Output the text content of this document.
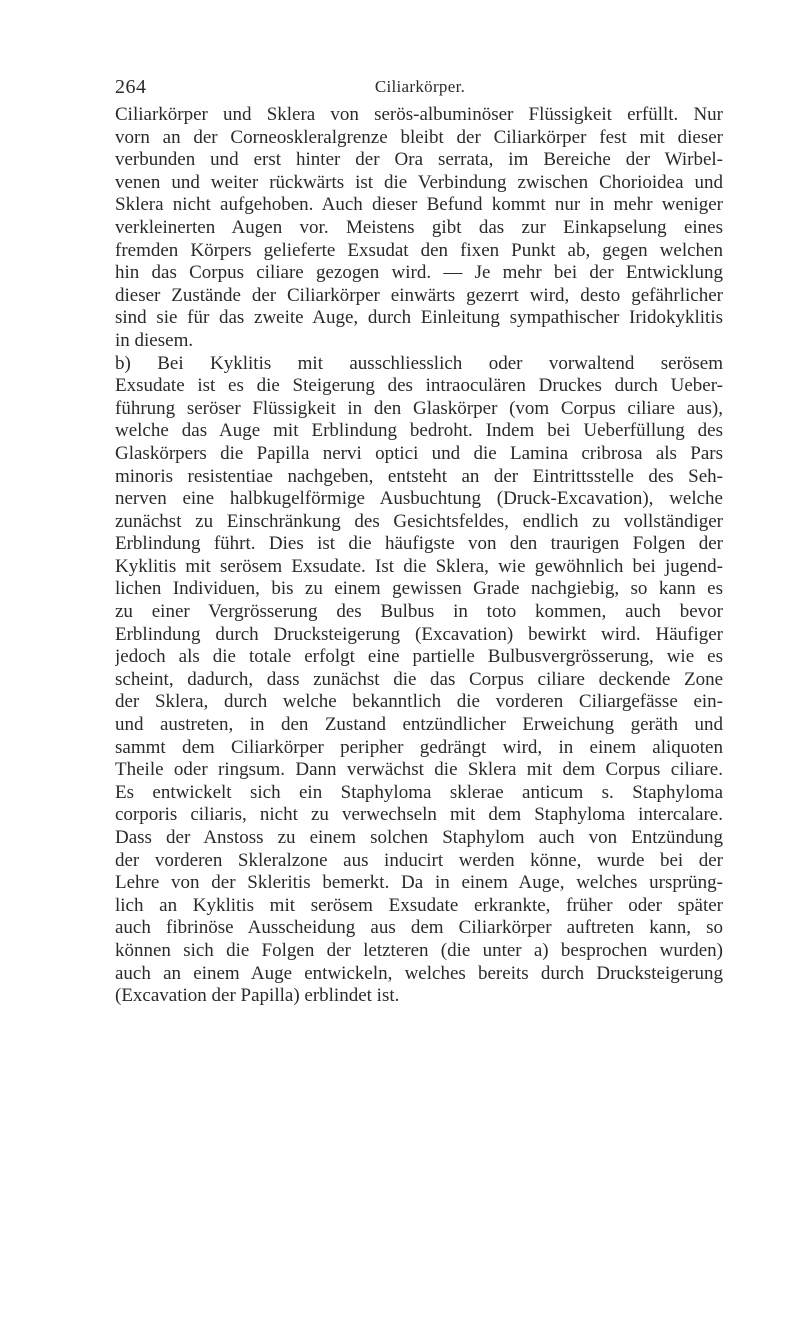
264	Ciliarkörper.
Ciliarkörper und Sklera von serös-albuminöser Flüssigkeit erfüllt. Nur
vorn an der Corneoskleralgrenze bleibt der Ciliarkörper fest mit dieser
verbunden und erst hinter der Ora serrata, im Bereiche der Wirbel-
venen und weiter rückwärts ist die Verbindung zwischen Chorioidea und
Sklera nicht aufgehoben. Auch dieser Befund kommt nur in mehr weniger
verkleinerten Augen vor. Meistens gibt das zur Einkapselung eines
fremden Körpers gelieferte Exsudat den fixen Punkt ab, gegen welchen
hin das Corpus ciliare gezogen wird. — Je mehr bei der Entwicklung
dieser Zustände der Ciliarkörper einwärts gezerrt wird, desto gefährlicher
sind sie für das zweite Auge, durch Einleitung sympathischer Iridokyklitis
in diesem.
b) Bei Kyklitis mit ausschliesslich oder vorwaltend serösem
Exsudate ist es die Steigerung des intraoculären Druckes durch Ueber-
führung seröser Flüssigkeit in den Glaskörper (vom Corpus ciliare aus),
welche das Auge mit Erblindung bedroht. Indem bei Ueberfüllung des
Glaskörpers die Papilla nervi optici und die Lamina cribrosa als Pars
minoris resistentiae nachgeben, entsteht an der Eintrittsstelle des Seh-
nerven eine halbkugelförmige Ausbuchtung (Druck-Excavation), welche
zunächst zu Einschränkung des Gesichtsfeldes, endlich zu vollständiger
Erblindung führt. Dies ist die häufigste von den traurigen Folgen der
Kyklitis mit serösem Exsudate. Ist die Sklera, wie gewöhnlich bei jugend-
lichen Individuen, bis zu einem gewissen Grade nachgiebig, so kann es
zu einer Vergrösserung des Bulbus in toto kommen, auch bevor
Erblindung durch Drucksteigerung (Excavation) bewirkt wird. Häufiger
jedoch als die totale erfolgt eine partielle Bulbusvergrösserung, wie es
scheint, dadurch, dass zunächst die das Corpus ciliare deckende Zone
der Sklera, durch welche bekanntlich die vorderen Ciliargefässe ein-
und austreten, in den Zustand entzündlicher Erweichung geräth und
sammt dem Ciliarkörper peripher gedrängt wird, in einem aliquoten
Theile oder ringsum. Dann verwächst die Sklera mit dem Corpus ciliare.
Es entwickelt sich ein Staphyloma sklerae anticum s. Staphyloma
corporis ciliaris, nicht zu verwechseln mit dem Staphyloma intercalare.
Dass der Anstoss zu einem solchen Staphylom auch von Entzündung
der vorderen Skleralzone aus inducirt werden könne, wurde bei der
Lehre von der Skleritis bemerkt. Da in einem Auge, welches ursprüng-
lich an Kyklitis mit serösem Exsudate erkrankte, früher oder später
auch fibrinöse Ausscheidung aus dem Ciliarkörper auftreten kann, so
können sich die Folgen der letzteren (die unter a) besprochen wurden)
auch an einem Auge entwickeln, welches bereits durch Drucksteigerung
(Excavation der Papilla) erblindet ist.
